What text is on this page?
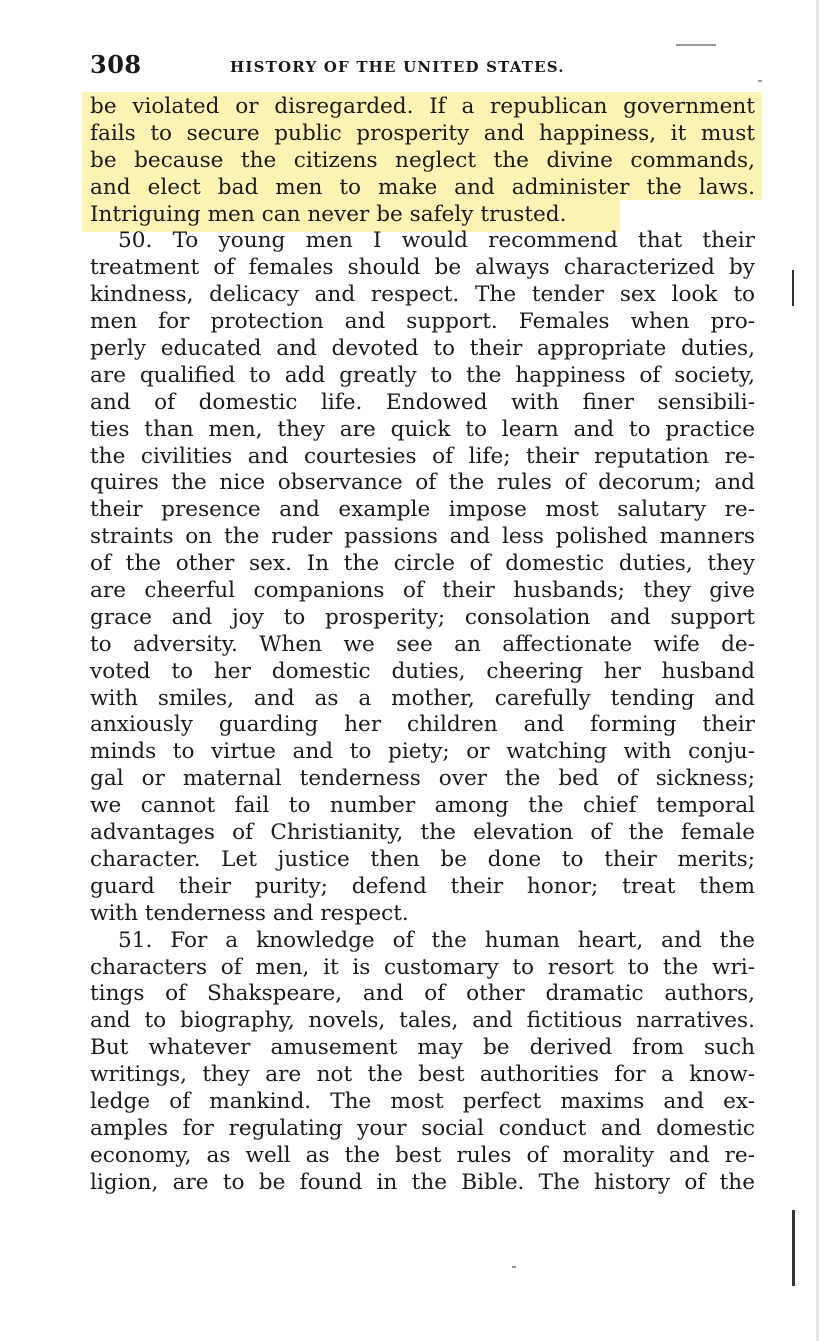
308	HISTORY OF THE UNITED STATES.
be violated or disregarded. If a republican government
fails to secure public prosperity and happiness, it must
be because the citizens neglect the divine commands,
and elect bad men to make and administer the laws.
Intriguing men can never be safely trusted.
50. To young men I would recommend that their
treatment of females should be always characterized by
kindness, delicacy and respect. The tender sex look to
men for protection and support. Females when pro-
perly educated and devoted to their appropriate duties,
are qualified to add greatly to the happiness of society,
and of domestic life. Endowed with finer sensibili-
ties than men, they are quick to learn and to practice
the civilities and courtesies of life; their reputation re-
quires the nice observance of the rules of decorum; and
their presence and example impose most salutary re-
straints on the ruder passions and less polished manners
of the other sex. In the circle of domestic duties, they
are cheerful companions of their husbands; they give
grace and joy to prosperity; consolation and support
to adversity. When we see an affectionate wife de-
voted to her domestic duties, cheering her husband
with smiles, and as a mother, carefully tending and
anxiously guarding her children and forming their
minds to virtue and to piety; or watching with conju-
gal or maternal tenderness over the bed of sickness;
we cannot fail to number among the chief temporal
advantages of Christianity, the elevation of the female
character. Let justice then be done to their merits;
guard their purity; defend their honor; treat them
with tenderness and respect.
51. For a knowledge of the human heart, and the
characters of men, it is customary to resort to the wri-
tings of Shakspeare, and of other dramatic authors,
and to biography, novels, tales, and fictitious narratives.
But whatever amusement may be derived from such
writings, they are not the best authorities for a know-
ledge of mankind. The most perfect maxims and ex-
amples for regulating your social conduct and domestic
economy, as well as the best rules of morality and re-
ligion, are to be found in the Bible. The history of the
